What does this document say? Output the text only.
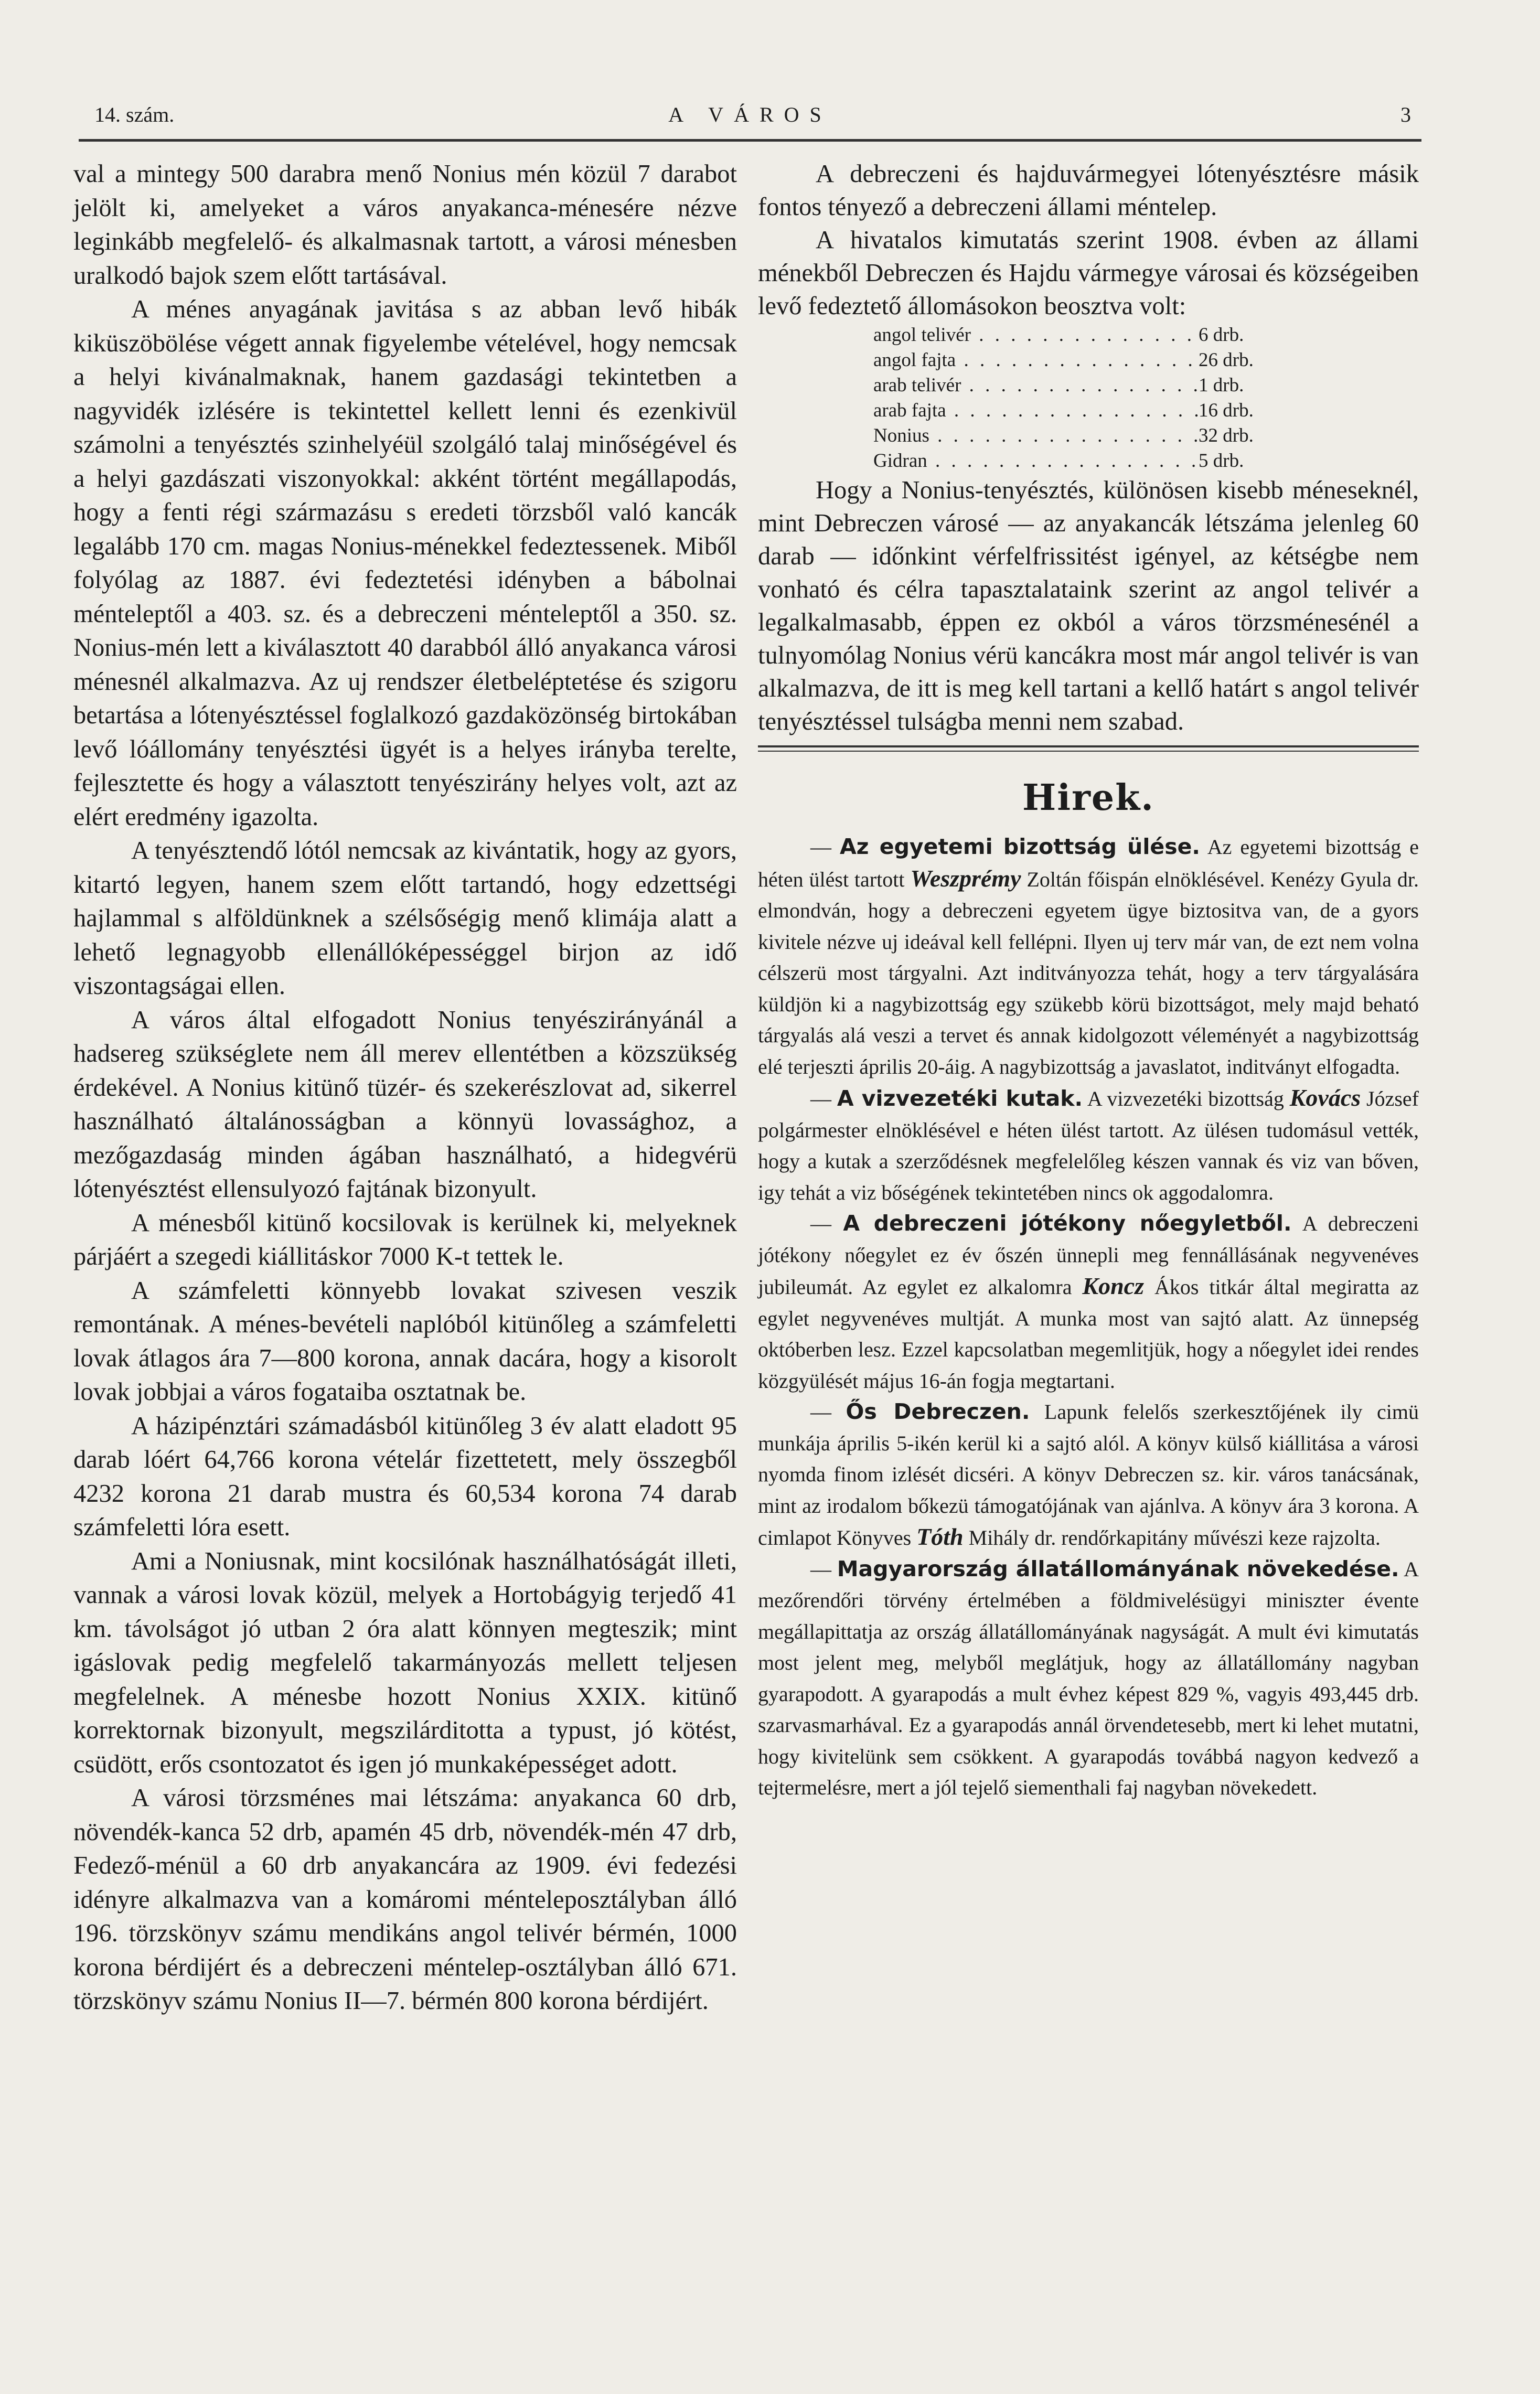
14. szám.	A VÁROS	3

val a mintegy 500 darabra menő Nonius mén közül 7 darabot jelölt ki, amelyeket a város anyakanca-ménesére nézve leginkább megfelelő- és alkalmasnak tartott, a városi ménesben uralkodó bajok szem előtt tartásával.

A ménes anyagának javitása s az abban levő hibák kiküszöbölése végett annak figyelembe vételével, hogy nemcsak a helyi kivánalmaknak, hanem gazdasági tekintetben a nagyvidék izlésére is tekintettel kellett lenni és ezenkivül számolni a tenyésztés szinhelyéül szolgáló talaj minőségével és a helyi gazdászati viszonyokkal: akként történt megállapodás, hogy a fenti régi származásu s eredeti törzsből való kancák legalább 170 cm. magas Nonius-ménekkel fedeztessenek. Miből folyólag az 1887. évi fedeztetési idényben a bábolnai ménteleptől a 403. sz. és a debreczeni ménteleptől a 350. sz. Nonius-mén lett a kiválasztott 40 darabból álló anyakanca városi ménesnél alkalmazva. Az uj rendszer életbeléptetése és szigoru betartása a lótenyésztéssel foglalkozó gazdaközönség birtokában levő lóállomány tenyésztési ügyét is a helyes irányba terelte, fejlesztette és hogy a választott tenyészirány helyes volt, azt az elért eredmény igazolta.

A tenyésztendő lótól nemcsak az kivántatik, hogy az gyors, kitartó legyen, hanem szem előtt tartandó, hogy edzettségi hajlammal s alföldünknek a szélsőségig menő klimája alatt a lehető legnagyobb ellenállóképességgel birjon az idő viszontagságai ellen.

A város által elfogadott Nonius tenyészirányánál a hadsereg szükséglete nem áll merev ellentétben a közszükség érdekével. A Nonius kitünő tüzér- és szekerészlovat ad, sikerrel használható általánosságban a könnyü lovassághoz, a mezőgazdaság minden ágában használható, a hidegvérü lótenyésztést ellensulyozó fajtának bizonyult.

A ménesből kitünő kocsilovak is kerülnek ki, melyeknek párjáért a szegedi kiállitáskor 7000 K-t tettek le.

A számfeletti könnyebb lovakat szivesen veszik remontának. A ménes-bevételi naplóból kitünőleg a számfeletti lovak átlagos ára 7—800 korona, annak dacára, hogy a kisorolt lovak jobbjai a város fogataiba osztatnak be.

A házipénztári számadásból kitünőleg 3 év alatt eladott 95 darab lóért 64,766 korona vételár fizettetett, mely összegből 4232 korona 21 darab mustra és 60,534 korona 74 darab számfeletti lóra esett.

Ami a Noniusnak, mint kocsilónak használhatóságát illeti, vannak a városi lovak közül, melyek a Hortobágyig terjedő 41 km. távolságot jó utban 2 óra alatt könnyen megteszik; mint igáslovak pedig megfelelő takarmányozás mellett teljesen megfelelnek. A ménesbe hozott Nonius XXIX. kitünő korrektornak bizonyult, megszilárditotta a typust, jó kötést, csüdött, erős csontozatot és igen jó munkaképességet adott.

A városi törzsménes mai létszáma: anyakanca 60 drb, növendék-kanca 52 drb, apamén 45 drb, növendék-mén 47 drb, Fedező-ménül a 60 drb anyakancára az 1909. évi fedezési idényre alkalmazva van a komáromi ménteleposztályban álló 196. törzskönyv számu mendikáns angol telivér bérmén, 1000 korona bérdijért és a debreczeni méntelep-osztályban álló 671. törzskönyv számu Nonius II—7. bérmén 800 korona bérdijért.

A debreczeni és hajduvármegyei lótenyésztésre másik fontos tényező a debreczeni állami méntelep.

A hivatalos kimutatás szerint 1908. évben az állami ménekből Debreczen és Hajdu vármegye városai és községeiben levő fedeztető állomásokon beosztva volt:

angol telivér . . .	6 drb.
angol fajta . . .	26 drb.
arab telivér . . .	1 drb.
arab fajta . . .	16 drb.
Nonius . . .	32 drb.
Gidran . . .	5 drb.

Hogy a Nonius-tenyésztés, különösen kisebb méneseknél, mint Debreczen városé — az anyakancák létszáma jelenleg 60 darab — időnkint vérfelfrissitést igényel, az kétségbe nem vonható és célra tapasztalataink szerint az angol telivér a legalkalmasabb, éppen ez okból a város törzsménesénél a tulnyomólag Nonius vérü kancákra most már angol telivér is van alkalmazva, de itt is meg kell tartani a kellő határt s angol telivér tenyésztéssel tulságba menni nem szabad.

Hirek.

— Az egyetemi bizottság ülése. Az egyetemi bizottság e héten ülést tartott Weszprémy Zoltán főispán elnöklésével. Kenézy Gyula dr. elmondván, hogy a debreczeni egyetem ügye biztositva van, de a gyors kivitele nézve uj ideával kell fellépni. Ilyen uj terv már van, de ezt nem volna célszerü most tárgyalni. Azt inditványozza tehát, hogy a terv tárgyalására küldjön ki a nagybizottság egy szükebb körü bizottságot, mely majd beható tárgyalás alá veszi a tervet és annak kidolgozott véleményét a nagybizottság elé terjeszti április 20-áig. A nagybizottság a javaslatot, inditványt elfogadta.

— A vizvezetéki kutak. A vizvezetéki bizottság Kovács József polgármester elnöklésével e héten ülést tartott. Az ülésen tudomásul vették, hogy a kutak a szerződésnek megfelelőleg készen vannak és viz van bőven, igy tehát a viz bőségének tekintetében nincs ok aggodalomra.

— A debreczeni jótékony nőegyletből. A debreczeni jótékony nőegylet ez év őszén ünnepli meg fennállásának negyvenéves jubileumát. Az egylet ez alkalomra Koncz Ákos titkár által megiratta az egylet negyvenéves multját. A munka most van sajtó alatt. Az ünnepség októberben lesz. Ezzel kapcsolatban megemlitjük, hogy a nőegylet idei rendes közgyülését május 16-án fogja megtartani.

— Ős Debreczen. Lapunk felelős szerkesztőjének ily cimü munkája április 5-ikén kerül ki a sajtó alól. A könyv külső kiállitása a városi nyomda finom izlését dicséri. A könyv Debreczen sz. kir. város tanácsának, mint az irodalom bőkezü támogatójának van ajánlva. A könyv ára 3 korona. A cimlapot Könyves Tóth Mihály dr. rendőrkapitány művészi keze rajzolta.

— Magyarország állatállományának növekedése. A mezőrendőri törvény értelmében a földmivelésügyi miniszter évente megállapittatja az ország állatállományának nagyságát. A mult évi kimutatás most jelent meg, melyből meglátjuk, hogy az állatállomány nagyban gyarapodott. A gyarapodás a mult évhez képest 829 %, vagyis 493,445 drb. szarvasmarhával. Ez a gyarapodás annál örvendetesebb, mert ki lehet mutatni, hogy kivitelünk sem csökkent. A gyarapodás továbbá nagyon kedvező a tejtermelésre, mert a jól tejelő siementhali faj nagyban növekedett.
